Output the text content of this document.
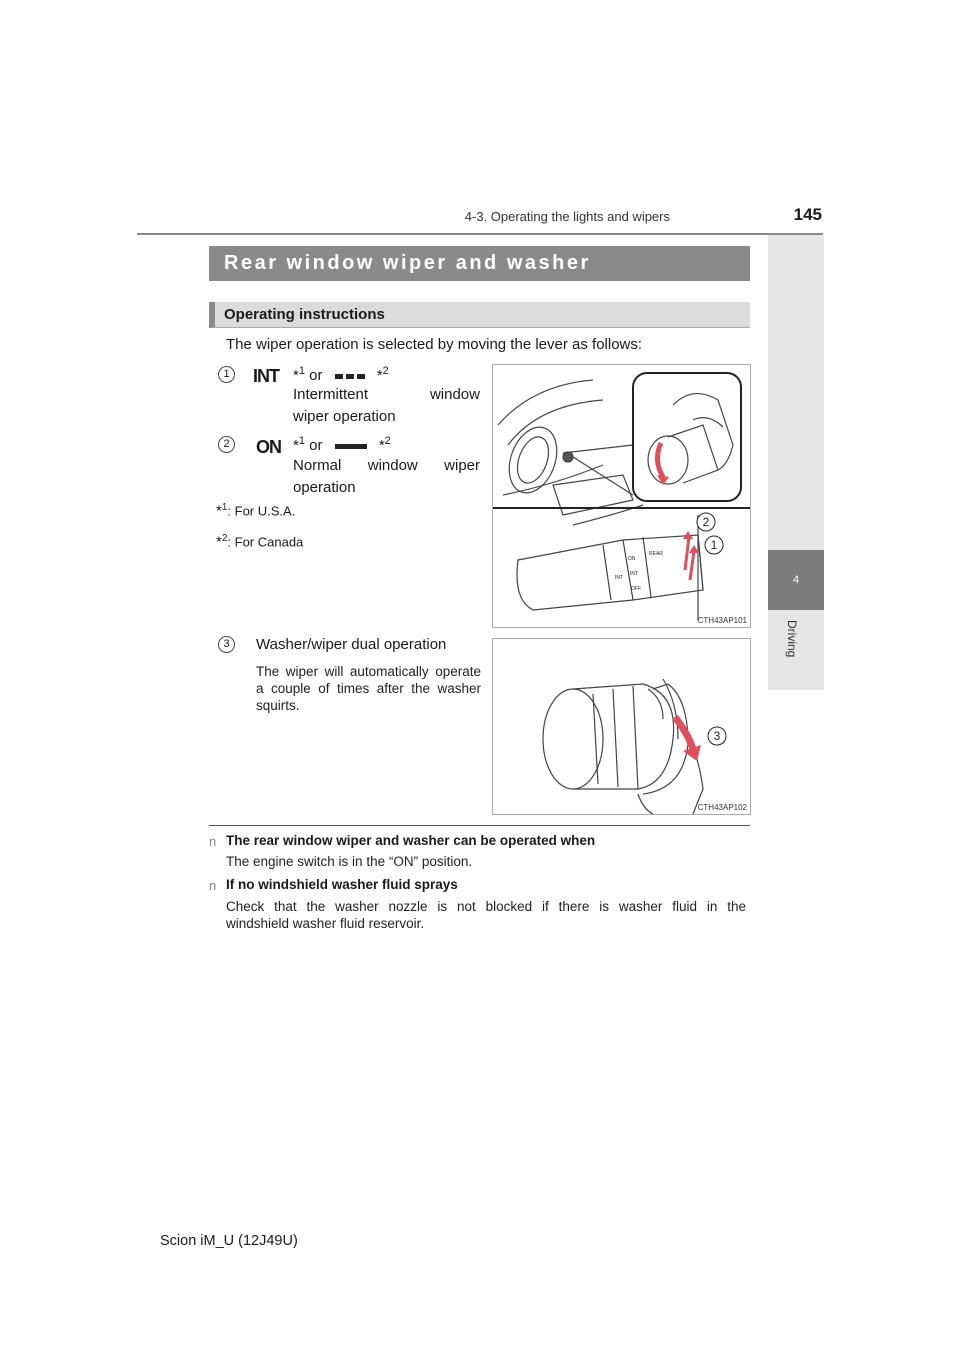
4-3. Operating the lights and wipers	145
4
Driving
Rear window wiper and washer
Operating instructions
The wiper operation is selected by moving the lever as follows:
1	INT *$^1$ or	*$^2$
Intermittent window
wiper operation
2	ON *$^1$ or	*$^2$
Normal window wiper
operation
*$^1$: For U.S.A.
*$^2$: For Canada
ON
INT
OFF
INT
REAR
2
1
CTH43AP101
3	Washer/wiper dual operation
The wiper will automatically operate a couple of times after the washer squirts.
3
CTH43AP102
n The rear window wiper and washer can be operated when
The engine switch is in the “ON” position.
n If no windshield washer fluid sprays
Check that the washer nozzle is not blocked if there is washer fluid in the
windshield washer fluid reservoir.
Scion iM_U (12J49U)
